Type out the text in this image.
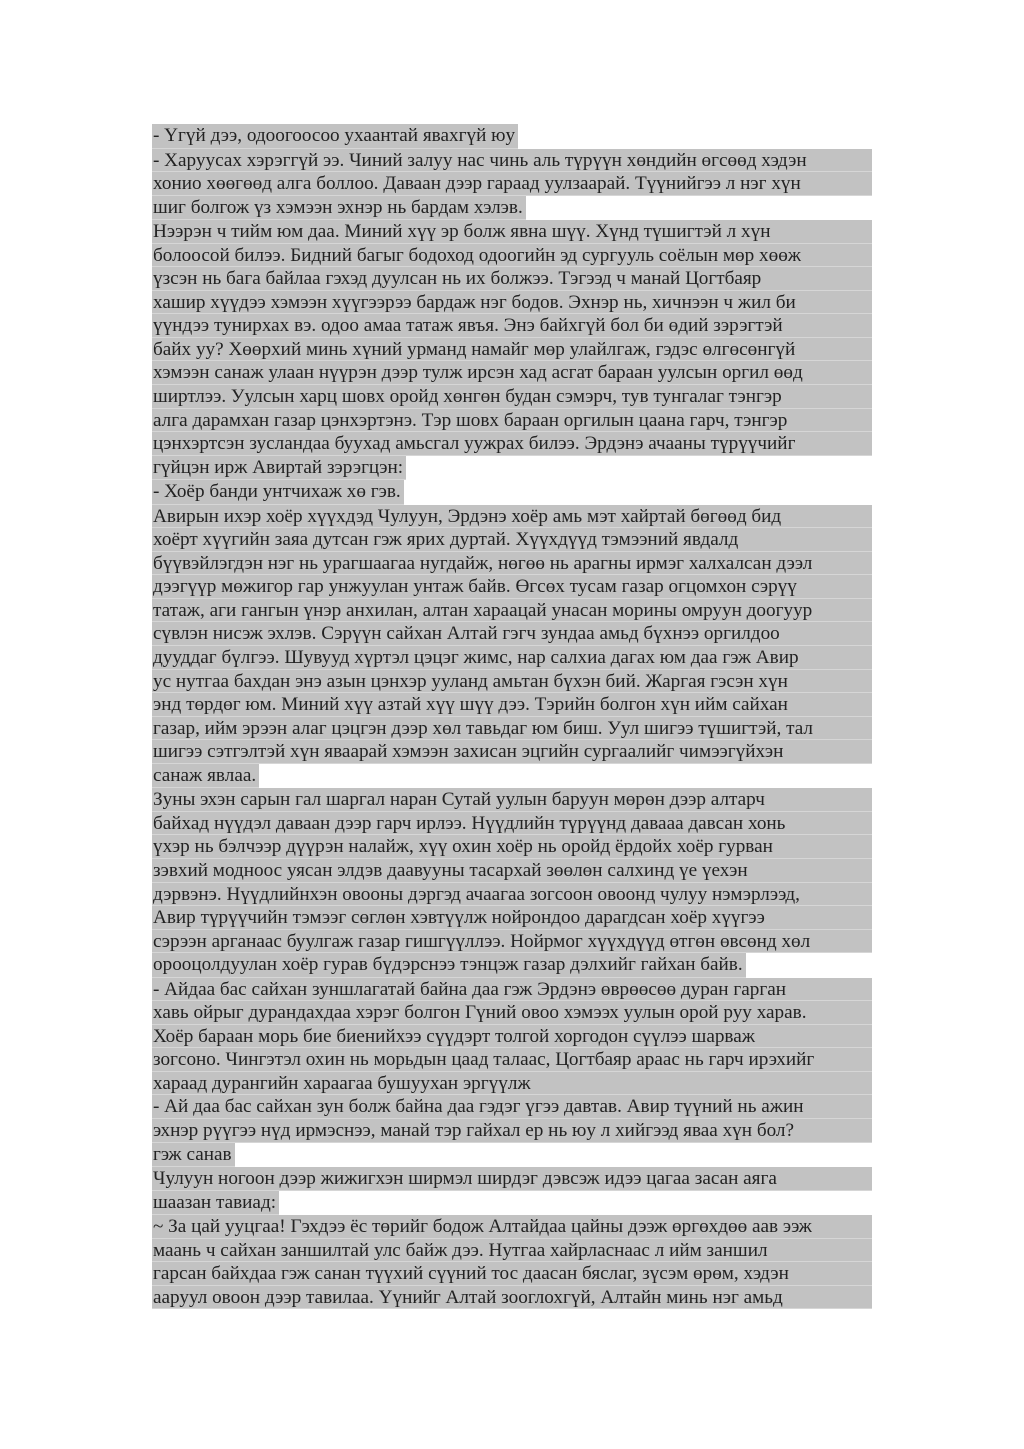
- Үгүй дээ, одоогоосоо ухаантай явахгүй юу
- Харуусах хэрэггүй ээ. Чиний залуу нас чинь аль түрүүн хөндийн өгсөөд хэдэн
хонио хөөгөөд алга боллоо. Даваан дээр гараад уулзаарай. Түүнийгээ л нэг хүн
шиг болгож үз хэмээн эхнэр нь бардам хэлэв.
Нээрэн ч тийм юм даа. Миний хүү эр болж явна шүү. Хүнд түшигтэй л хүн
болоосой билээ. Бидний багыг бодоход одоогийн эд сургууль соёлын мөр хөөж
үзсэн нь бага байлаа гэхэд дуулсан нь их болжээ. Тэгээд ч манай Цогтбаяр
хашир хүүдээ хэмээн хүүгээрээ бардаж нэг бодов. Эхнэр нь, хичнээн ч жил би
үүндээ тунирхах вэ. одоо амаа татаж явъя. Энэ байхгүй бол би өдий зэрэгтэй
байх уу? Хөөрхий минь хүний урманд намайг мөр улайлгаж, гэдэс өлгөсөнгүй
хэмээн санаж улаан нүүрэн дээр тулж ирсэн хад асгат бараан уулсын оргил өөд
ширтлээ. Уулсын харц шовх оройд хөнгөн будан сэмэрч, тув тунгалаг тэнгэр
алга дарамхан газар цэнхэртэнэ. Тэр шовх бараан оргилын цаана гарч, тэнгэр
цэнхэртсэн зусландаа буухад амьсгал уужрах билээ. Эрдэнэ ачааны түрүүчийг
гүйцэн ирж Авиртай зэрэгцэн:
- Хоёр банди унтчихаж хө гэв.
Авирын ихэр хоёр хүүхдэд Чулуун, Эрдэнэ хоёр амь мэт хайртай бөгөөд бид
хоёрт хүүгийн заяа дутсан гэж ярих дуртай. Хүүхдүүд тэмээний явдалд
бүүвэйлэгдэн нэг нь урагшаагаа нугдайж, нөгөө нь арагны ирмэг халхалсан дээл
дээгүүр мөжигор гар унжуулан унтаж байв. Өгсөх тусам газар огцомхон сэрүү
татаж, аги гангын үнэр анхилан, алтан хараацай унасан морины омруун доогуур
сүвлэн нисэж эхлэв. Сэрүүн сайхан Алтай гэгч зундаа амьд бүхнээ оргилдоо
дууддаг бүлгээ. Шувууд хүртэл цэцэг жимс, нар салхиа дагах юм даа гэж Авир
ус нутгаа бахдан энэ азын цэнхэр ууланд амьтан бүхэн бий. Жаргая гэсэн хүн
энд төрдөг юм. Миний хүү азтай хүү шүү дээ. Тэрийн болгон хүн ийм сайхан
газар, ийм эрээн алаг цэцгэн дээр хөл тавьдаг юм биш. Уул шигээ түшигтэй, тал
шигээ сэтгэлтэй хүн яваарай хэмээн захисан эцгийн сургаалийг чимээгүйхэн
санаж явлаа.
Зуны эхэн сарын гал шаргал наран Сутай уулын баруун мөрөн дээр алтарч
байхад нүүдэл даваан дээр гарч ирлээ. Нүүдлийн түрүүнд давааа давсан хонь
үхэр нь бэлчээр дүүрэн налайж, хүү охин хоёр нь оройд ёрдойх хоёр гурван
зэвхий модноос уясан элдэв даавууны тасархай зөөлөн салхинд үе үехэн
дэрвэнэ. Нүүдлийнхэн овооны дэргэд ачаагаа зогсоон овоонд чулуу нэмэрлээд,
Авир түрүүчийн тэмээг сөглөн хэвтүүлж нойрондоо дарагдсан хоёр хүүгээ
сэрээн арганаас буулгаж газар гишгүүллээ. Нойрмог хүүхдүүд өтгөн өвсөнд хөл
орооцолдуулан хоёр гурав бүдэрснээ тэнцэж газар дэлхийг гайхан байв.
- Айдаа бас сайхан зуншлагатай байна даа гэж Эрдэнэ өврөөсөө дуран гарган
хавь ойрыг дурандахдаа хэрэг болгон Гүний овоо хэмээх уулын орой руу харав.
Хоёр бараан морь бие биенийхээ сүүдэрт толгой хоргодон сүүлээ шарваж
зогсоно. Чингэтэл охин нь морьдын цаад талаас, Цогтбаяр араас нь гарч ирэхийг
хараад дурангийн хараагаа бушуухан эргүүлж
- Ай даа бас сайхан зун болж байна даа гэдэг үгээ давтав. Авир түүний нь ажин
эхнэр рүүгээ нүд ирмэснээ, манай тэр гайхал ер нь юу л хийгээд яваа хүн бол?
гэж санав
Чулуун ногоон дээр жижигхэн ширмэл ширдэг дэвсэж идээ цагаа засан аяга
шаазан тавиад:
~ За цай ууцгаа! Гэхдээ ёс төрийг бодож Алтайдаа цайны дээж өргөхдөө аав ээж
маань ч сайхан заншилтай улс байж дээ. Нутгаа хайрласнаас л ийм заншил
гарсан байхдаа гэж санан түүхий сүүний тос даасан бяслаг, зүсэм өрөм, хэдэн
ааруул овоон дээр тавилаа. Үүнийг Алтай зооглохгүй, Алтайн минь нэг амьд
